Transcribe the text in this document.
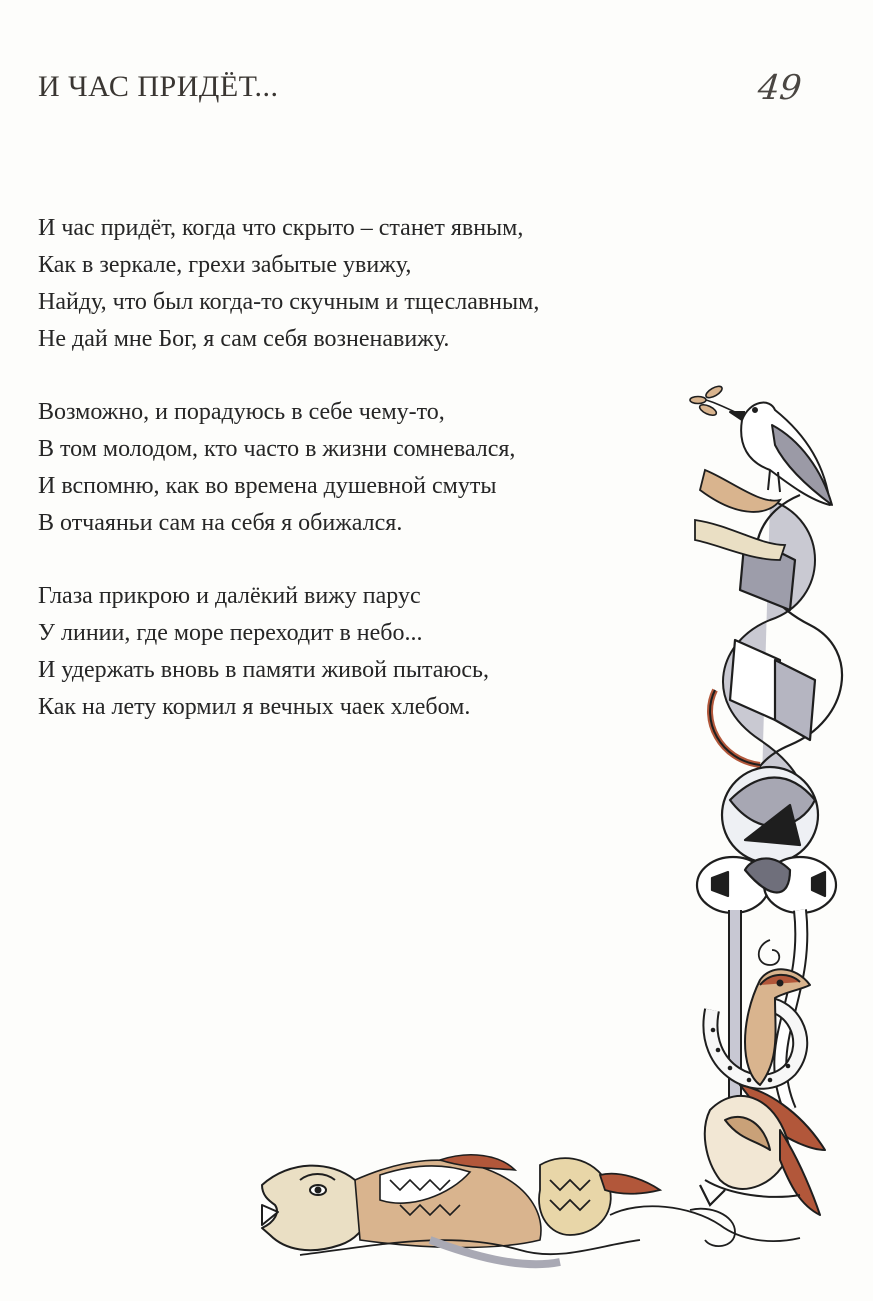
И ЧАС ПРИДЁТ...	49
И час придёт, когда что скрыто – станет явным,
Как в зеркале, грехи забытые увижу,
Найду, что был когда-то скучным и тщеславным,
Не дай мне Бог, я сам себя возненавижу.
Возможно, и порадуюсь в себе чему-то,
В том молодом, кто часто в жизни сомневался,
И вспомню, как во времена душевной смуты
В отчаяньи сам на себя я обижался.
Глаза прикрою и далёкий вижу парус
У линии, где море переходит в небо...
И удержать вновь в памяти живой пытаюсь,
Как на лету кормил я вечных чаек хлебом.
